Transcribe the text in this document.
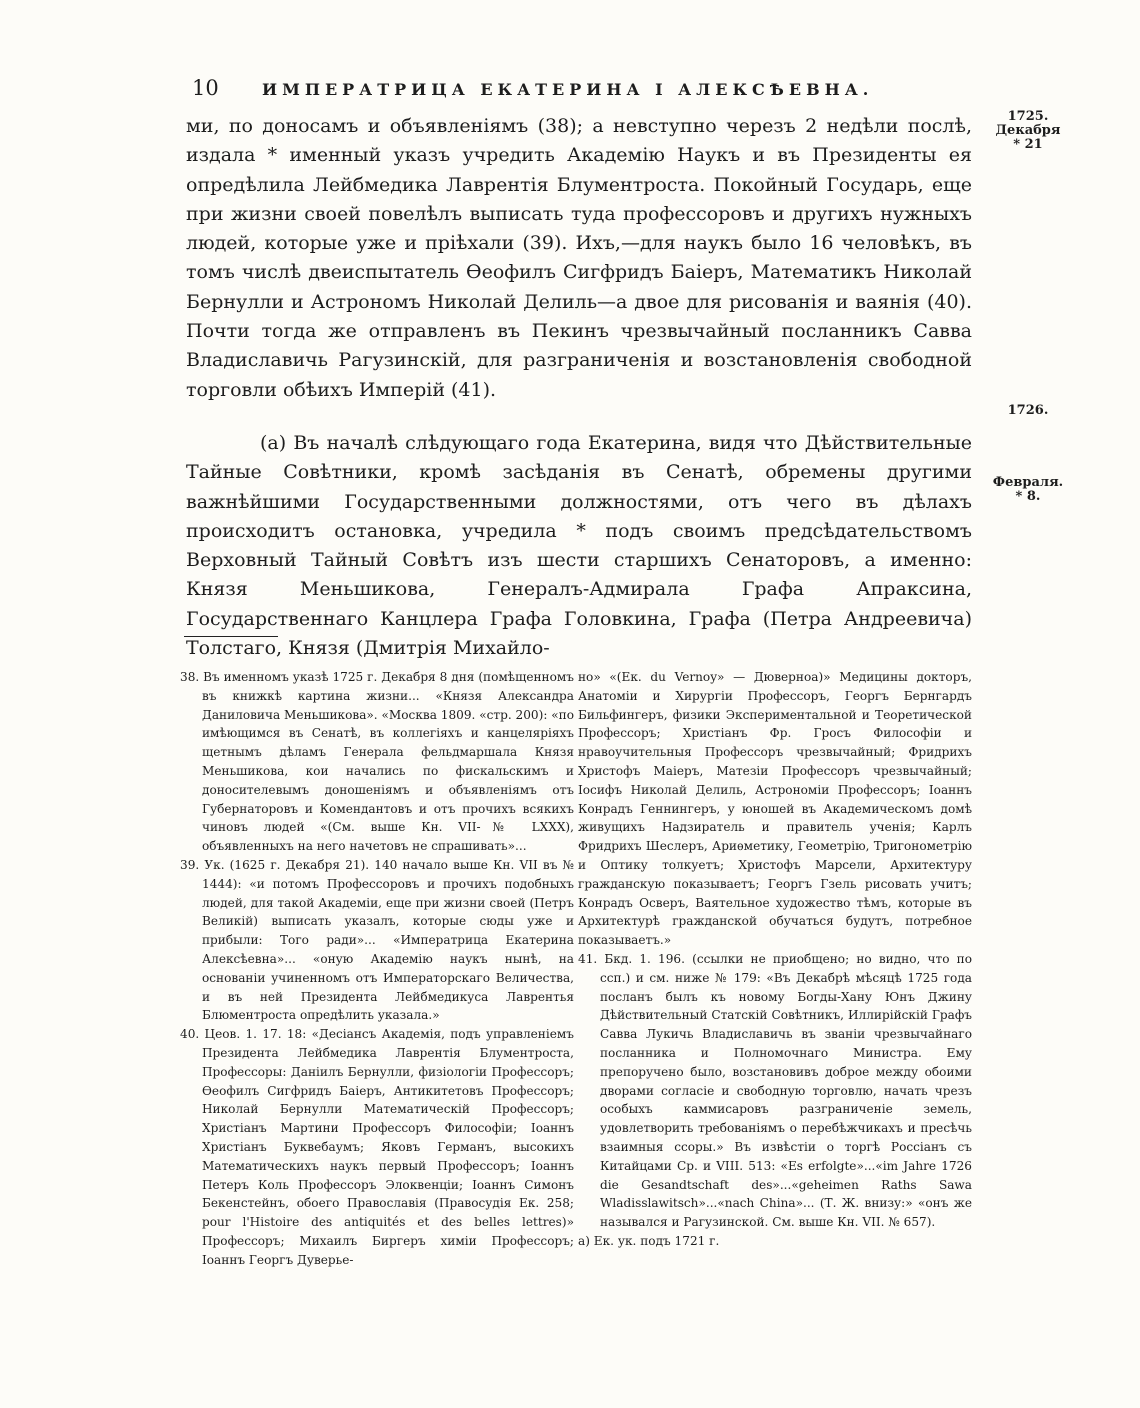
10	ИМПЕРАТРИЦА ЕКАТЕРИНА I АЛЕКСѢЕВНА.
1725.
Декабря
* 21
1726.
Февраля.
* 8.

ми, по доносамъ и объявленіямъ (38); а невступно черезъ 2 недѣли послѣ, издала * именный указъ учредить Академію Наукъ и въ Президенты ея опредѣлила Лейбмедика Лаврентія Блументроста. Покойный Государь, еще при жизни своей повелѣлъ выписать туда профессоровъ и другихъ нужныхъ людей, которые уже и пріѣхали (39). Ихъ,—для наукъ было 16 человѣкъ, въ томъ числѣ двеиспытатель Ѳеофилъ Сигфридъ Баіеръ, Математикъ Николай Бернулли и Астрономъ Николай Делиль—а двое для рисованія и ваянія (40). Почти тогда же отправленъ въ Пекинъ чрезвычайный посланникъ Савва Владиславичь Рагузинскій, для разграниченія и возстановленія свободной торговли обѣихъ Имперій (41).

(а) Въ началѣ слѣдующаго года Екатерина, видя что Дѣйствительные Тайные Совѣтники, кромѣ засѣданія въ Сенатѣ, обремены другими важнѣйшими Государственными должностями, отъ чего въ дѣлахъ происходитъ остановка, учредила * подъ своимъ предсѣдательствомъ Верховный Тайный Совѣтъ изъ шести старшихъ Сенаторовъ, а именно: Князя Меньшикова, Генералъ-Адмирала Графа Апраксина, Государственнаго Канцлера Графа Головкина, Графа (Петра Андреевича) Толстаго, Князя (Дмитрія Михайло-

38. Въ именномъ указѣ 1725 г. Декабря 8 дня (помѣщенномъ въ книжкѣ картина жизни... «Князя Александра Даниловича Меньшикова». «Москва 1809. «стр. 200): «по имѣющимся въ Сенатѣ, въ коллегіяхъ и канцеляріяхъ щетнымъ дѣламъ Генерала фельдмаршала Князя Меньшикова, кои начались по фискальскимъ и доносителевымъ доношеніямъ и объявленіямъ отъ Губернаторовъ и Комендантовъ и отъ прочихъ всякихъ чиновъ людей «(См. выше Кн. VII-№ LXXX), объявленныхъ на него начетовъ не спрашивать»...

39. Ук. (1625 г. Декабря 21). 140 начало выше Кн. VII въ № 1444): «и потомъ Профессоровъ и прочихъ подобныхъ людей, для такой Академіи, еще при жизни своей (Петръ Великій) выписать указалъ, которые сюды уже и прибыли: Того ради»... «Императрица Екатерина Алексѣевна»... «оную Академію наукъ нынѣ, на основаніи учиненномъ отъ Императорскаго Величества, и въ ней Президента Лейбмедикуса Лаврентья Блюментроста опредѣлить указала.»

40. Цеов. 1. 17. 18: «Десіансъ Академія, подъ управленіемъ Президента Лейбмедика Лаврентія Блументроста, Профессоры: Даніилъ Бернулли, физіологіи Профессоръ; Ѳеофилъ Сигфридъ Баіеръ, Антикитетовъ Профессоръ; Николай Бернулли Математическій Профессоръ; Христіанъ Мартини Профессоръ Философіи; Іоаннъ Христіанъ Буквебаумъ; Яковъ Германъ, высокихъ Математическихъ наукъ первый Профессоръ; Іоаннъ Петеръ Коль Профессоръ Элоквенціи; Іоаннъ Симонъ Бекенстейнъ, обоего Православія (Правосудія Ек. 258; pour l'Histoire des antiquités et des belles lettres)» Профессоръ; Михаилъ Биргеръ химіи Профессоръ; Іоаннъ Георгъ Дуверье-

но» «(Ек. du Vernoy» — Дюверноа)» Медицины докторъ, Анатоміи и Хирургіи Профессоръ, Георгъ Бернгардъ Бильфингеръ, физики Экспериментальной и Теоретической Профессоръ; Христіанъ Фр. Гросъ Философіи и нравоучительныя Профессоръ чрезвычайный; Фридрихъ Христофъ Маіеръ, Матезіи Профессоръ чрезвычайный; Іосифъ Николай Делиль, Астрономіи Профессоръ; Іоаннъ Конрадъ Геннингеръ, у юношей въ Академическомъ домѣ живущихъ Надзиратель и правитель ученія; Карлъ Фридрихъ Шеслеръ, Ариѳметику, Геометрію, Тригонометрію и Оптику толкуетъ; Христофъ Марсели, Архитектуру гражданскую показываетъ; Георгъ Гзель рисовать учитъ; Конрадъ Осверъ, Ваятельное художество тѣмъ, которые въ Архитектурѣ гражданской обучаться будутъ, потребное показываетъ.»

41. Бкд. 1. 196. (ссылки не приобщено; но видно, что по ссп.) и см. ниже № 179: «Въ Декабрѣ мѣсяцѣ 1725 года посланъ былъ къ новому Богды-Хану Юнъ Джину Дѣйствительный Статскій Совѣтникъ, Иллирійскій Графъ Савва Лукичь Владиславичь въ званіи чрезвычайнаго посланника и Полномочнаго Министра. Ему препоручено было, возстановивъ доброе между обоими дворами согласіе и свободную торговлю, начать чрезъ особыхъ каммисаровъ разграниченіе земель, удовлетворить требованіямъ о перебѣжчикахъ и пресѣчь взаимныя ссоры.» Въ извѣстіи о торгѣ Россіанъ съ Китайцами Ср. и VIII. 513: «Es erfolgte»...«im Jahre 1726 die Gesandtschaft des»...«geheimen Raths Sawa Wladisslawitsch»...«nach China»... (Т. Ж. внизу:» «онъ же назывался и Рагузинской. См. выше Кн. VII. № 657).

а) Ек. ук. подъ 1721 г.
